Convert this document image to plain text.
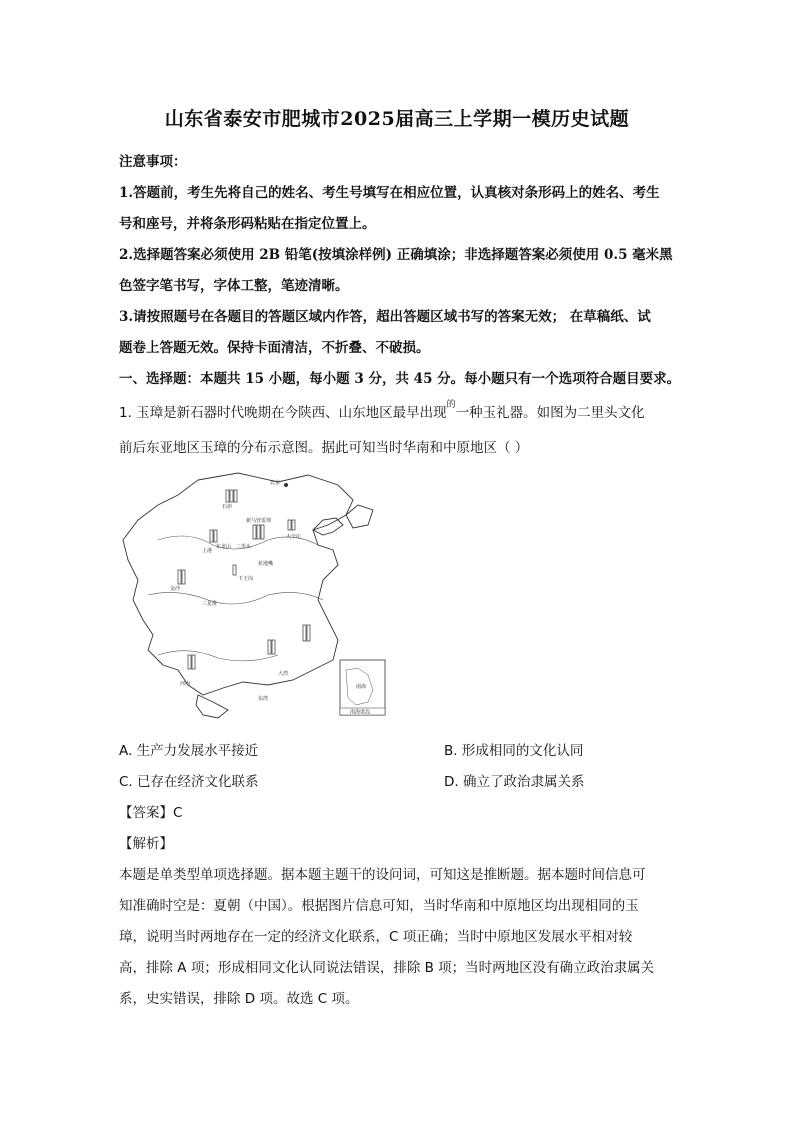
山东省泰安市肥城市2025届高三上学期一模历史试题
注意事项：
1.答题前，考生先将自己的姓名、考生号填写在相应位置，认真核对条形码上的姓名、考生
号和座号，并将条形码粘贴在指定位置上。
2.选择题答案必须使用 2B 铅笔(按填涂样例) 正确填涂；非选择题答案必须使用 0.5 毫米黑
色签字笔书写，字体工整，笔迹清晰。
3.请按照题号在各题目的答题区域内作答，超出答题区域书写的答案无效； 在草稿纸、试
题卷上答题无效。保持卡面清洁，不折叠、不破损。
一、选择题：本题共 15 小题，每小题 3 分，共 45 分。每小题只有一个选项符合题目要求。
1. 玉璋是新石器时代晚期在今陕西、山东地区最早出现$^的$一种玉礼器。如图为二里头文化
前后东亚地区玉璋的分布示意图。据此可知当时华南和中原地区（ ）
北京
石峁
新马营雷坝
二里头
大辛庄
东龙山
上港
花地嘴
下王岗
三星堆
金沙
河内
东湾
大湾
南海
南海诸岛
A. 生产力发展水平接近	B. 形成相同的文化认同
C. 已存在经济文化联系	D. 确立了政治隶属关系
【答案】C
【解析】
本题是单类型单项选择题。据本题主题干的设问词，可知这是推断题。据本题时间信息可
知准确时空是：夏朝（中国）。根据图片信息可知，当时华南和中原地区均出现相同的玉
璋，说明当时两地存在一定的经济文化联系，C 项正确；当时中原地区发展水平相对较
高，排除 A 项；形成相同文化认同说法错误，排除 B 项；当时两地区没有确立政治隶属关
系，史实错误，排除 D 项。故选 C 项。
